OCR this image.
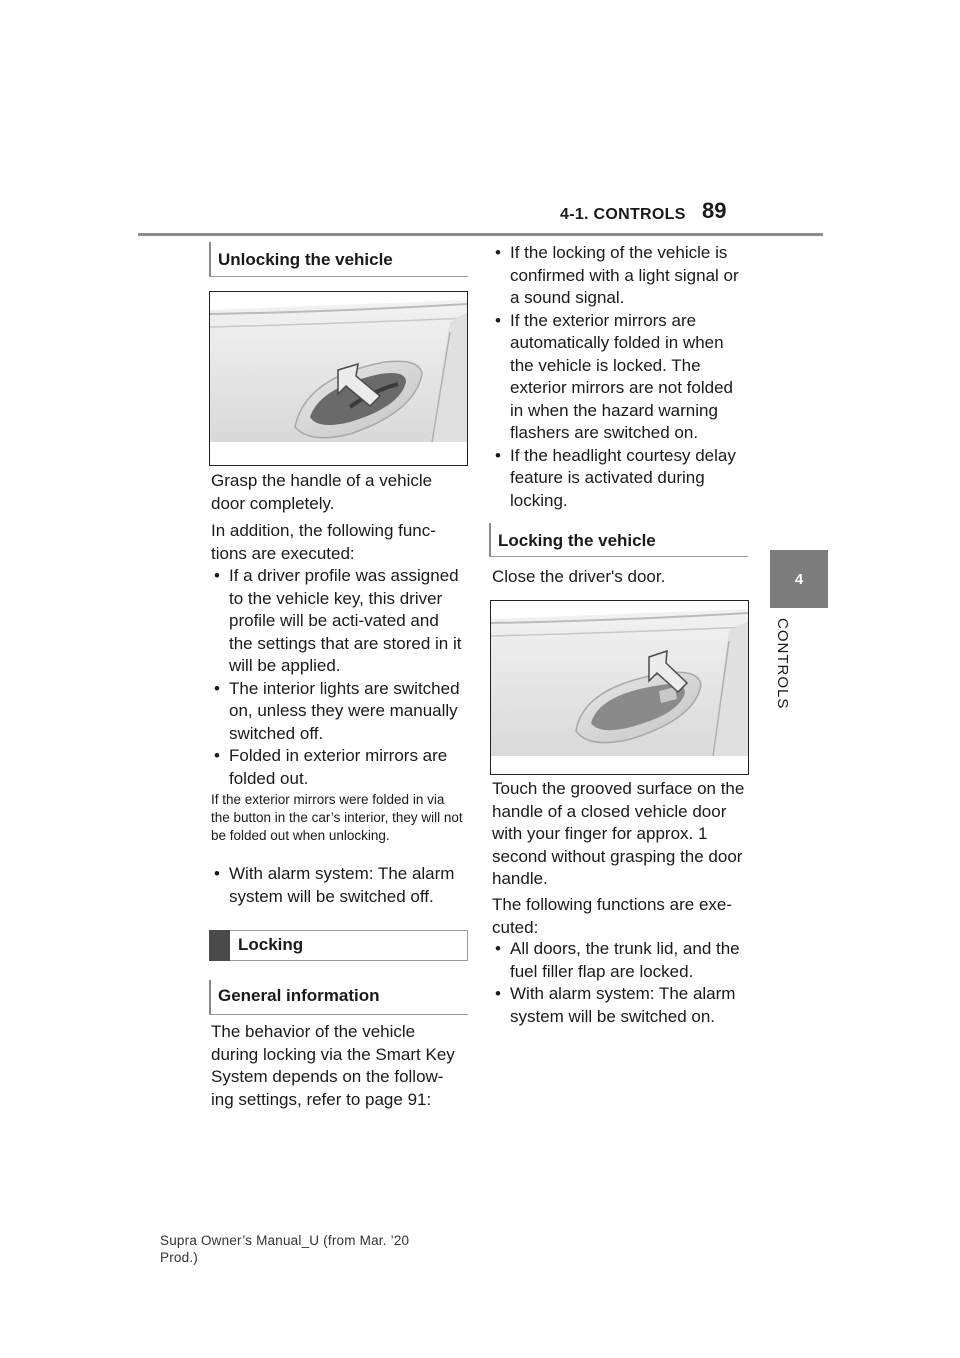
4-1. CONTROLS 89
4
CONTROLS
Unlocking the vehicle

Grasp the handle of a vehicle door completely.

In addition, the following func-tions are executed:

• If a driver profile was assigned to the vehicle key, this driver profile will be acti-vated and the settings that are stored in it will be applied.
• The interior lights are switched on, unless they were manually switched off.
• Folded in exterior mirrors are folded out.

If the exterior mirrors were folded in via the button in the car’s interior, they will not be folded out when unlocking.

• With alarm system: The alarm system will be switched off.
Locking
General information

The behavior of the vehicle during locking via the Smart Key System depends on the follow-ing settings, refer to page 91:

• If the locking of the vehicle is confirmed with a light signal or a sound signal.
• If the exterior mirrors are automatically folded in when the vehicle is locked. The exterior mirrors are not folded in when the hazard warning flashers are switched on.
• If the headlight courtesy delay feature is activated during locking.
Locking the vehicle

Close the driver's door.

Touch the grooved surface on the handle of a closed vehicle door with your finger for approx. 1 second without grasping the door handle.

The following functions are exe-cuted:

• All doors, the trunk lid, and the fuel filler flap are locked.
• With alarm system: The alarm system will be switched on.
Supra Owner’s Manual_U (from Mar. ’20
Prod.)
